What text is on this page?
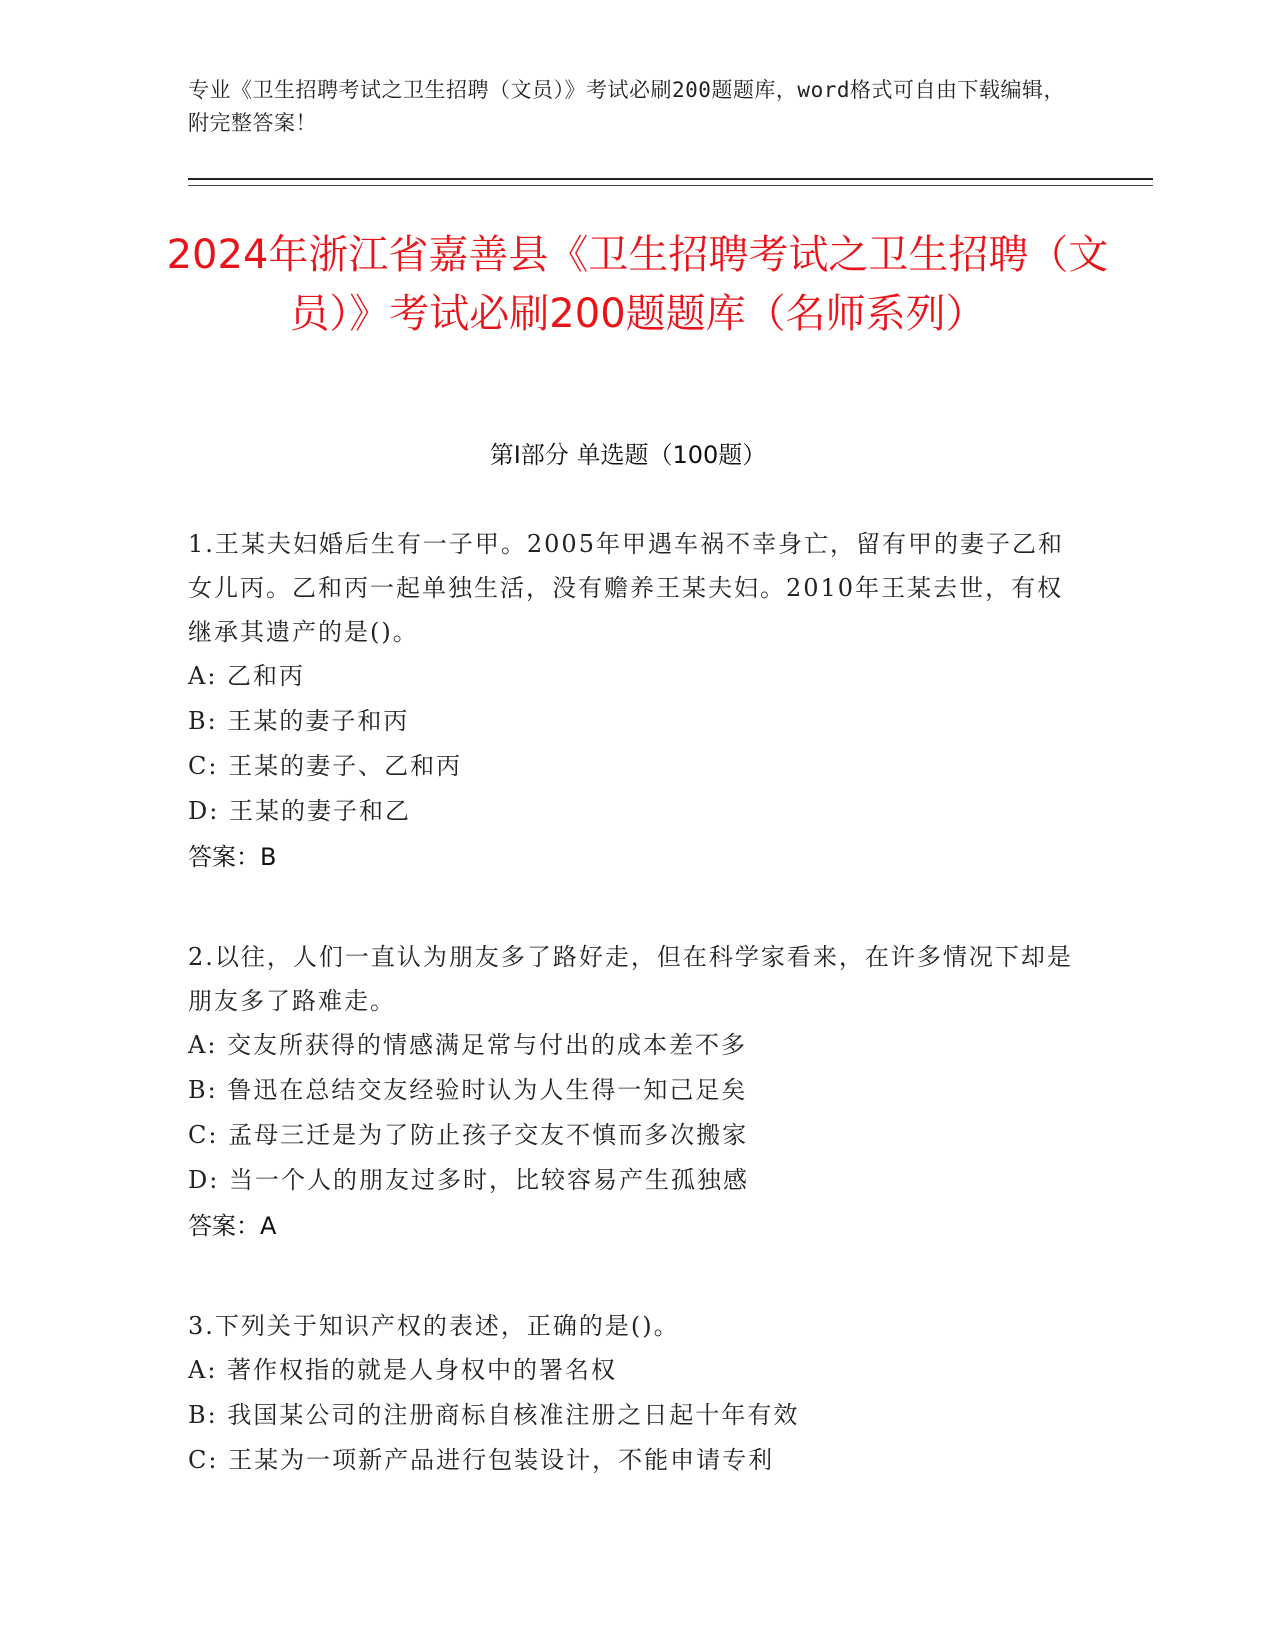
专业《卫生招聘考试之卫生招聘（文员）》考试必刷200题题库，word格式可自由下载编辑，附完整答案！
2024年浙江省嘉善县《卫生招聘考试之卫生招聘（文员）》考试必刷200题题库（名师系列）
第Ⅰ部分 单选题（100题）
1.王某夫妇婚后生有一子甲。2005年甲遇车祸不幸身亡，留有甲的妻子乙和女儿丙。乙和丙一起单独生活，没有赡养王某夫妇。2010年王某去世，有权继承其遗产的是()。
A: 乙和丙
B: 王某的妻子和丙
C: 王某的妻子、乙和丙
D: 王某的妻子和乙
答案：B
2.以往，人们一直认为朋友多了路好走，但在科学家看来，在许多情况下却是朋友多了路难走。
A: 交友所获得的情感满足常与付出的成本差不多
B: 鲁迅在总结交友经验时认为人生得一知己足矣
C: 孟母三迁是为了防止孩子交友不慎而多次搬家
D: 当一个人的朋友过多时，比较容易产生孤独感
答案：A
3.下列关于知识产权的表述，正确的是()。
A: 著作权指的就是人身权中的署名权
B: 我国某公司的注册商标自核准注册之日起十年有效
C: 王某为一项新产品进行包装设计，不能申请专利
